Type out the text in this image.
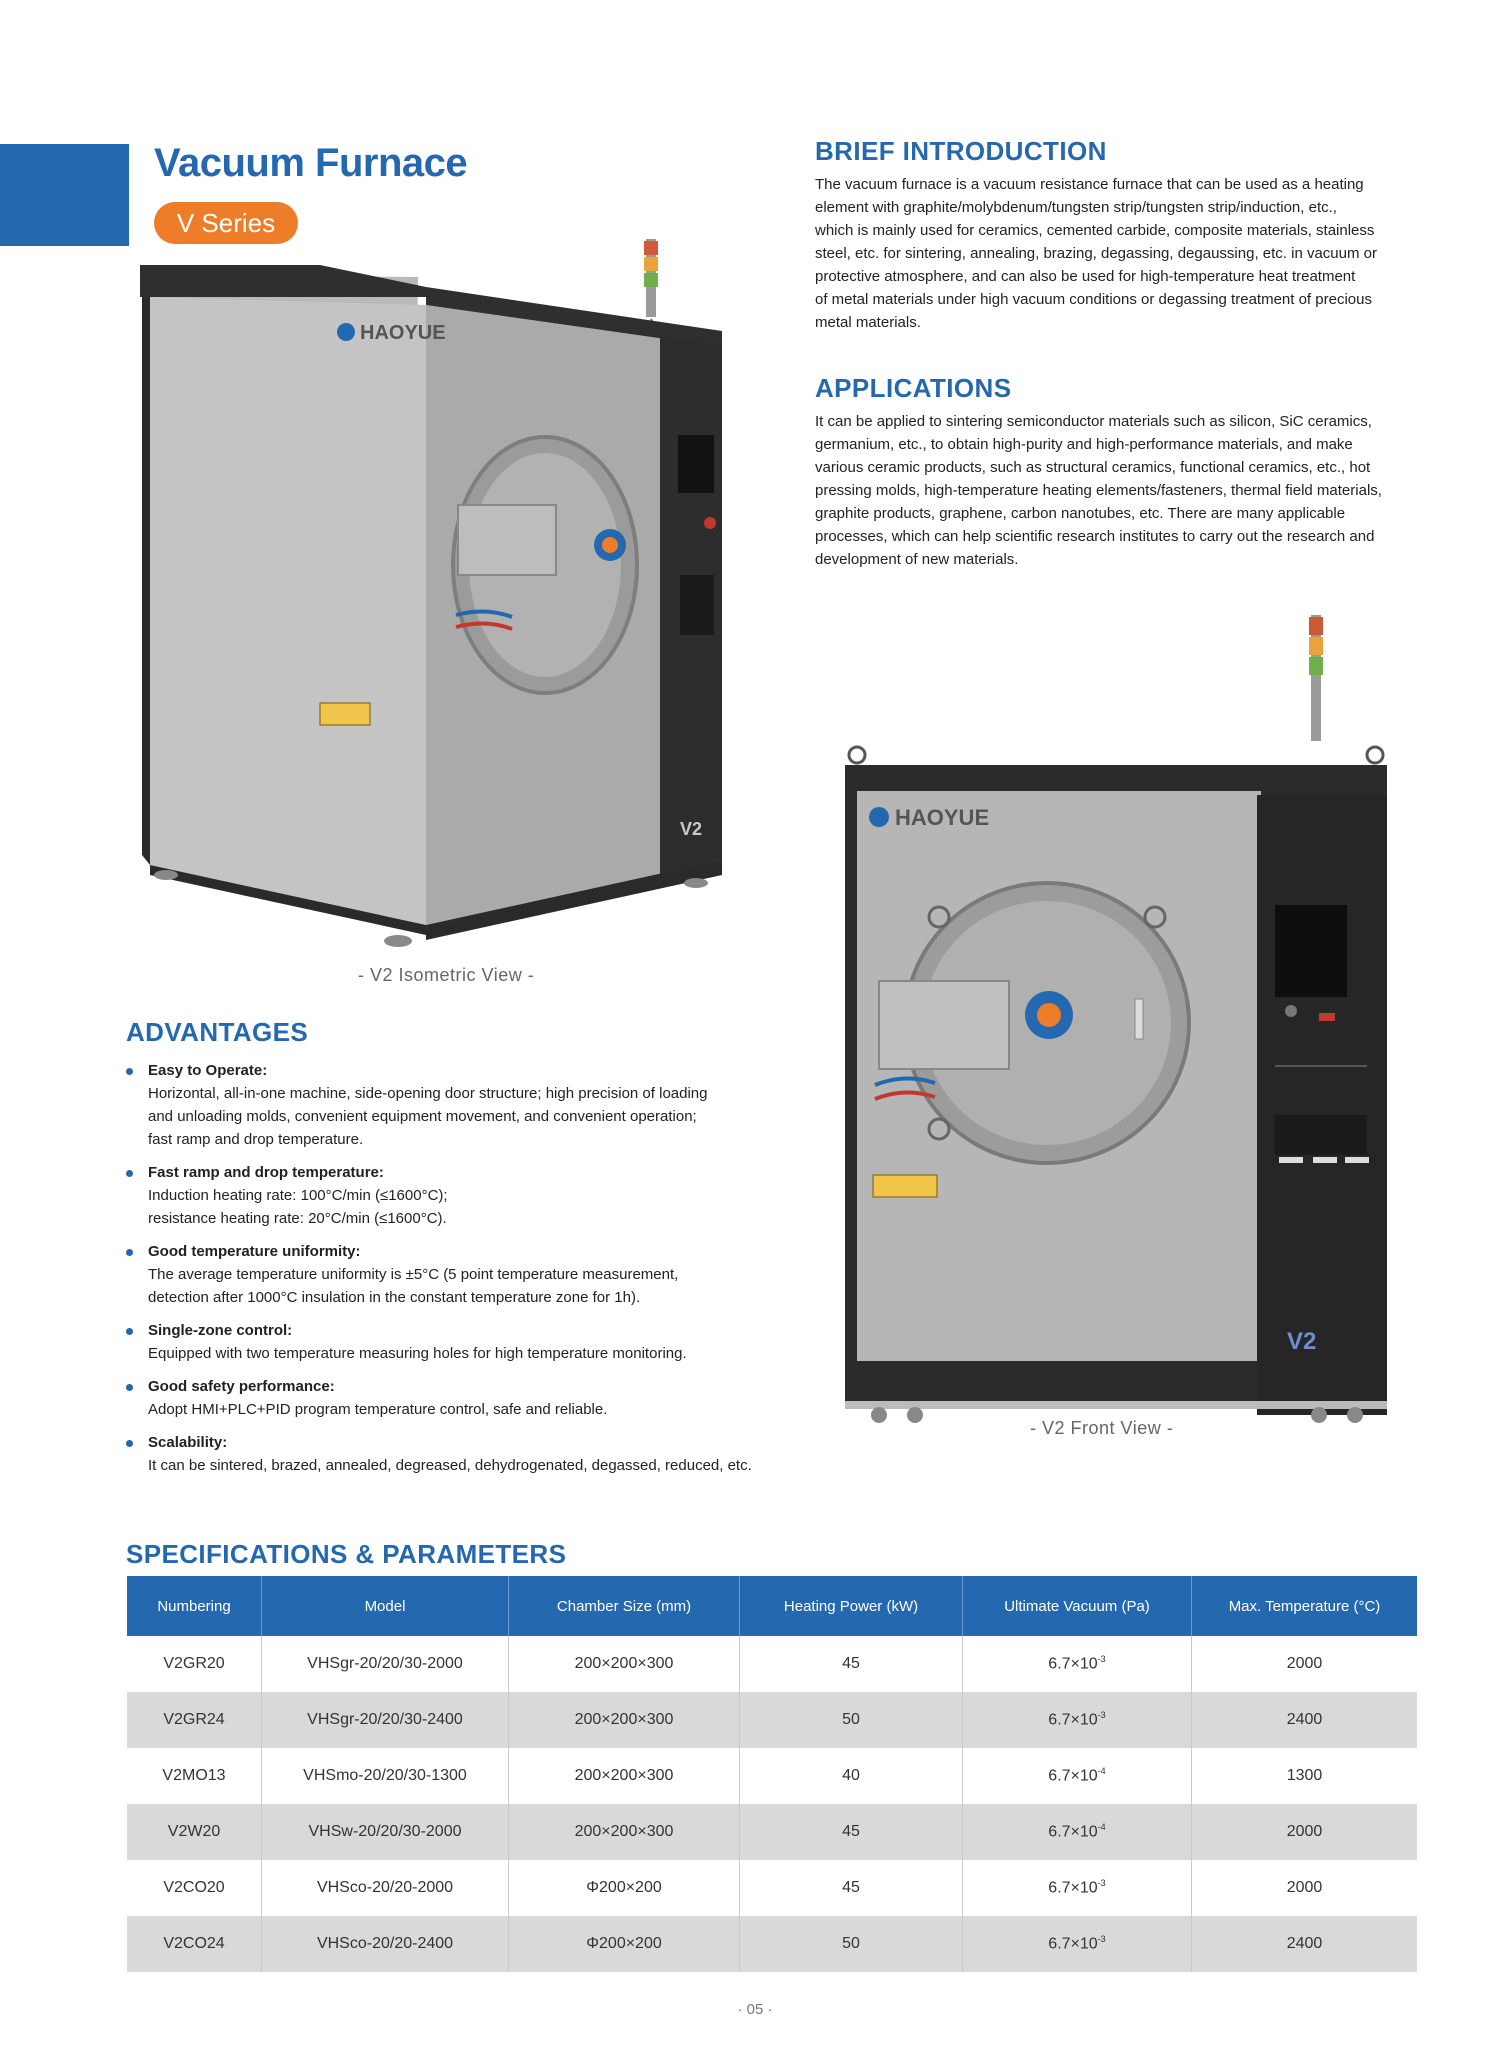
Vacuum Furnace
V Series
BRIEF INTRODUCTION
The vacuum furnace is a vacuum resistance furnace that can be used as a heating
element with graphite/molybdenum/tungsten strip/tungsten strip/induction, etc.,
which is mainly used for ceramics, cemented carbide, composite materials, stainless
steel, etc. for sintering, annealing, brazing, degassing, degaussing, etc. in vacuum or
protective atmosphere, and can also be used for high-temperature heat treatment
of metal materials under high vacuum conditions or degassing treatment of precious
metal materials.
APPLICATIONS
It can be applied to sintering semiconductor materials such as silicon, SiC ceramics,
germanium, etc., to obtain high-purity and high-performance materials, and make
various ceramic products, such as structural ceramics, functional ceramics, etc., hot
pressing molds, high-temperature heating elements/fasteners, thermal field materials,
graphite products, graphene, carbon nanotubes, etc. There are many applicable
processes, which can help scientific research institutes to carry out the research and
development of new materials.
HAOYUE
V2
- V2 Isometric View -
HAOYUE
V2
- V2 Front View -
ADVANTAGES
Easy to Operate:
Horizontal, all-in-one machine, side-opening door structure; high precision of loading
and unloading molds, convenient equipment movement, and convenient operation;
fast ramp and drop temperature.
Fast ramp and drop temperature:
Induction heating rate: 100°C/min (≤1600°C);
resistance heating rate: 20°C/min (≤1600°C).
Good temperature uniformity:
The average temperature uniformity is ±5°C (5 point temperature measurement,
detection after 1000°C insulation in the constant temperature zone for 1h).
Single-zone control:
Equipped with two temperature measuring holes for high temperature monitoring.
Good safety performance:
Adopt HMI+PLC+PID program temperature control, safe and reliable.
Scalability:
It can be sintered, brazed, annealed, degreased, dehydrogenated, degassed, reduced, etc.
SPECIFICATIONS & PARAMETERS
Numbering	Model	Chamber Size (mm)	Heating Power (kW)	Ultimate Vacuum (Pa)	Max. Temperature (°C)
V2GR20	VHSgr-20/20/30-2000	200×200×300	45	$6.7\times 10^{-3}$	2000
V2GR24	VHSgr-20/20/30-2400	200×200×300	50	$6.7\times 10^{-3}$	2400
V2MO13	VHSmo-20/20/30-1300	200×200×300	40	$6.7\times 10^{-4}$	1300
V2W20	VHSw-20/20/30-2000	200×200×300	45	$6.7\times 10^{-4}$	2000
V2CO20	VHSco-20/20-2000	Φ200×200	45	$6.7\times 10^{-3}$	2000
V2CO24	VHSco-20/20-2400	Φ200×200	50	$6.7\times 10^{-3}$	2400
· 05 ·
